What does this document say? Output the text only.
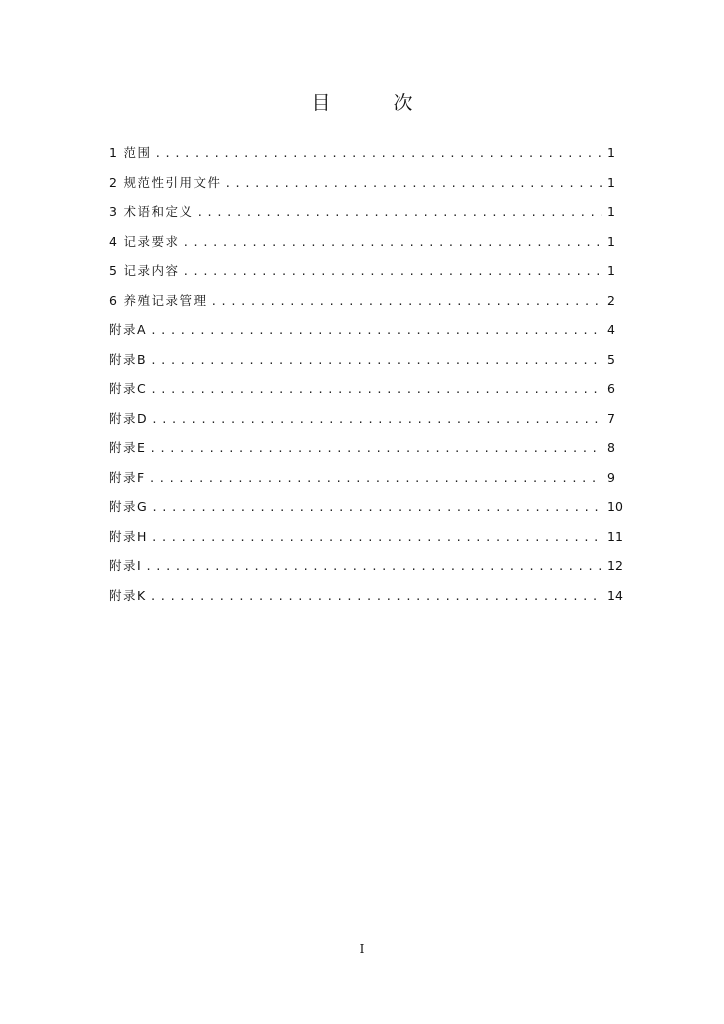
目　次
1 范围 .....	1
2 规范性引用文件 .....	1
3 术语和定义 .....	1
4 记录要求 .....	1
5 记录内容 .....	1
6 养殖记录管理 .....	2
附录A .....	4
附录B .....	5
附录C .....	6
附录D .....	7
附录E .....	8
附录F .....	9
附录G .....	10
附录H .....	11
附录I .....	12
附录K .....	14
I
